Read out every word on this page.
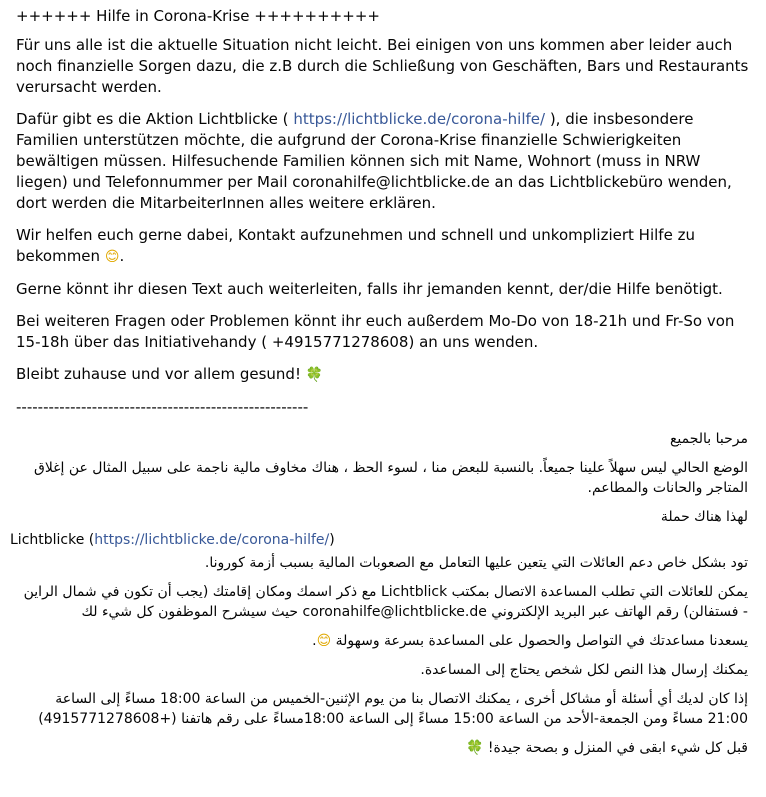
++++++ Hilfe in Corona-Krise ++++++++++

Für uns alle ist die aktuelle Situation nicht leicht. Bei einigen von uns kommen aber leider auch noch finanzielle Sorgen dazu, die z.B durch die Schließung von Geschäften, Bars und Restaurants verursacht werden.

Dafür gibt es die Aktion Lichtblicke ( https://lichtblicke.de/corona-hilfe/ ), die insbesondere Familien unterstützen möchte, die aufgrund der Corona-Krise finanzielle Schwierigkeiten bewältigen müssen. Hilfesuchende Familien können sich mit Name, Wohnort (muss in NRW liegen) und Telefonnummer per Mail coronahilfe@lichtblicke.de an das Lichtblickebüro wenden, dort werden die MitarbeiterInnen alles weitere erklären.

Wir helfen euch gerne dabei, Kontakt aufzunehmen und schnell und unkompliziert Hilfe zu bekommen 😊.

Gerne könnt ihr diesen Text auch weiterleiten, falls ihr jemanden kennt, der/die Hilfe benötigt.

Bei weiteren Fragen oder Problemen könnt ihr euch außerdem Mo-Do von 18-21h und Fr-So von 15-18h über das Initiativehandy ( +4915771278608) an uns wenden.

Bleibt zuhause und vor allem gesund! 🍀

------------------------------------------------------

مرحبا بالجميع

الوضع الحالي ليس سهلاً علينا جميعاً. بالنسبة للبعض منا ، لسوء الحظ ، هناك مخاوف مالية ناجمة على سبيل المثال عن إغلاق المتاجر والحانات والمطاعم.

لهذا هناك حملة

Lichtblicke (https://lichtblicke.de/corona-hilfe/)

تود بشكل خاص دعم العائلات التي يتعين عليها التعامل مع الصعوبات المالية بسبب أزمة كورونا.

يمكن للعائلات التي تطلب المساعدة الاتصال بمكتب Lichtblick مع ذكر اسمك ومكان إقامتك (يجب أن تكون في شمال الراين - فستفالن) رقم الهاتف عبر البريد الإلكتروني coronahilfe@lichtblicke.de حيث سيشرح الموظفون كل شيء لك

يسعدنا مساعدتك في التواصل والحصول على المساعدة بسرعة وسهولة 😊.

يمكنك إرسال هذا النص لكل شخص يحتاج إلى المساعدة.

إذا كان لديك أي أسئلة أو مشاكل أخرى ، يمكنك الاتصال بنا من يوم الإثنين-الخميس من الساعة 18:00 مساءً إلى الساعة 21:00 مساءً ومن الجمعة-الأحد من الساعة 15:00 مساءً إلى الساعة 18:00مساءً على رقم هاتفنا (+4915771278608)

قبل كل شيء ابقى في المنزل و بصحة جيدة! 🍀
